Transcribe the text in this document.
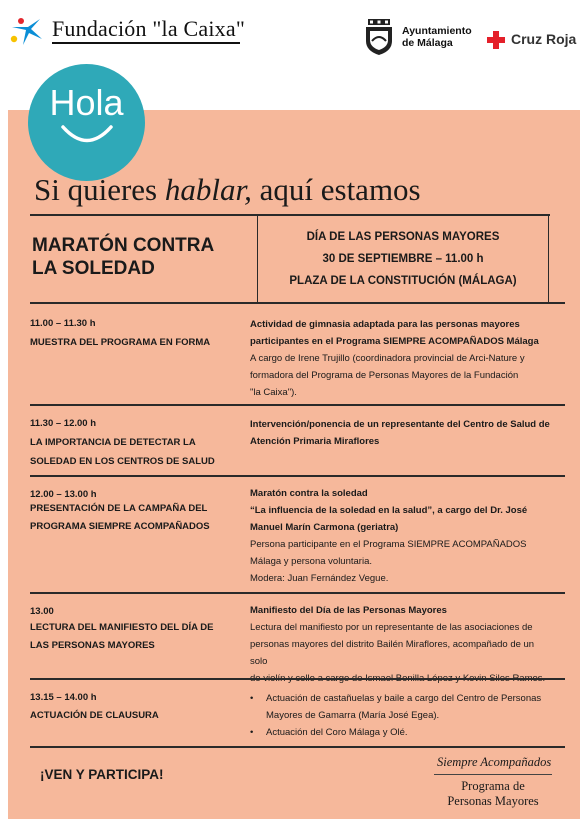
Fundación "la Caixa"	Ayuntamiento
de Málaga	Cruz Roja
Hola
Si quieres hablar, aquí estamos
MARATÓN CONTRA
LA SOLEDAD
DÍA DE LAS PERSONAS MAYORES
30 DE SEPTIEMBRE – 11.00 h
PLAZA DE LA CONSTITUCIÓN (MÁLAGA)
11.00 – 11.30 h
MUESTRA DEL PROGRAMA EN FORMA
Actividad de gimnasia adaptada para las personas mayores
participantes en el Programa SIEMPRE ACOMPAÑADOS Málaga
A cargo de Irene Trujillo (coordinadora provincial de Arci-Nature y
formadora del Programa de Personas Mayores de la Fundación
"la Caixa").
11.30 – 12.00 h
LA IMPORTANCIA DE DETECTAR LA
SOLEDAD EN LOS CENTROS DE SALUD
Intervención/ponencia de un representante del Centro de Salud de
Atención Primaria Miraflores
12.00 – 13.00 h
PRESENTACIÓN DE LA CAMPAÑA DEL
PROGRAMA SIEMPRE ACOMPAÑADOS
Maratón contra la soledad
“La influencia de la soledad en la salud”, a cargo del Dr. José
Manuel Marín Carmona (geriatra)
Persona participante en el Programa SIEMPRE ACOMPAÑADOS
Málaga y persona voluntaria.
Modera: Juan Fernández Vegue.
13.00
LECTURA DEL MANIFIESTO DEL DÍA DE
LAS PERSONAS MAYORES
Manifiesto del Día de las Personas Mayores
Lectura del manifiesto por un representante de las asociaciones de
personas mayores del distrito Bailén Miraflores, acompañado de un solo
13.15 – 14.00 h
ACTUACIÓN DE CLAUSURA
• Actuación de castañuelas y baile a cargo del Centro de Personas
Mayores de Gamarra (María José Egea).
• Actuación del Coro Málaga y Olé.
¡VEN Y PARTICIPA!
Siempre Acompañados
Programa de
Personas Mayores
